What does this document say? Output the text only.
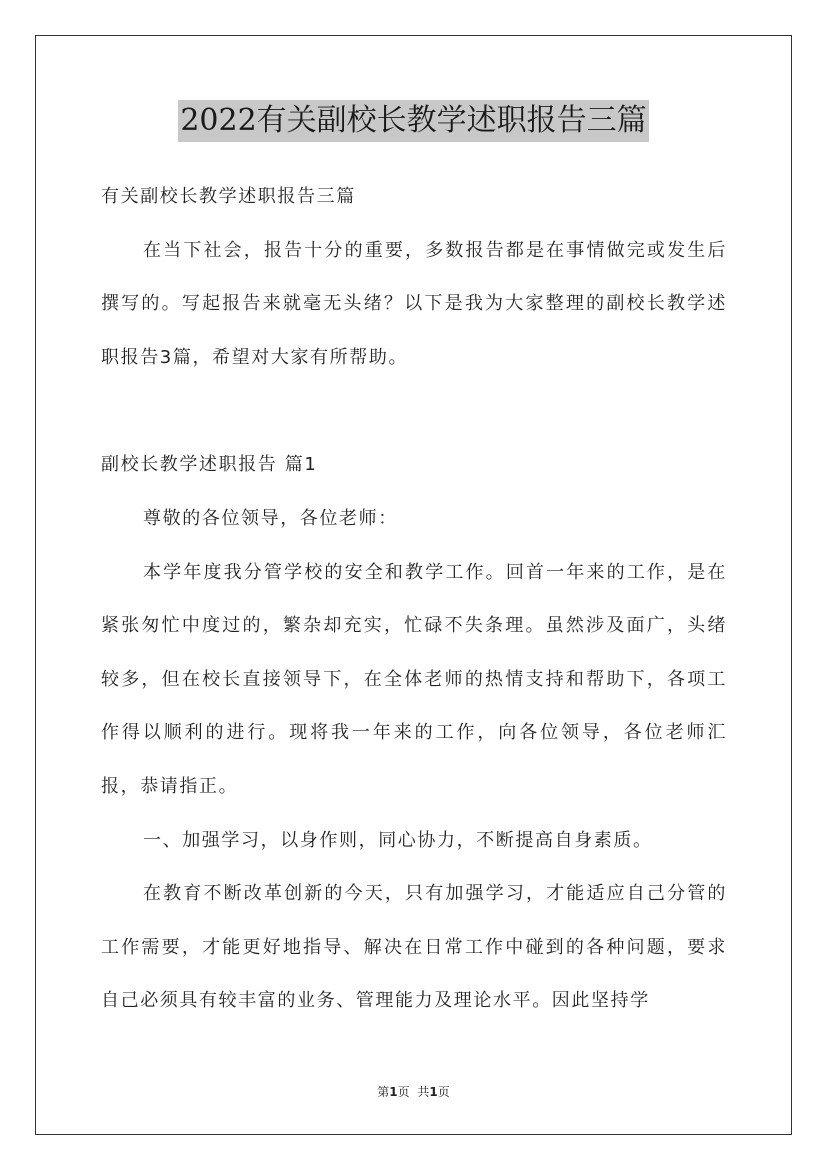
2022有关副校长教学述职报告三篇

有关副校长教学述职报告三篇

在当下社会，报告十分的重要，多数报告都是在事情做完或发生后撰写的。写起报告来就毫无头绪？以下是我为大家整理的副校长教学述职报告3篇，希望对大家有所帮助。

副校长教学述职报告 篇1

尊敬的各位领导，各位老师：

本学年度我分管学校的安全和教学工作。回首一年来的工作，是在紧张匆忙中度过的，繁杂却充实，忙碌不失条理。虽然涉及面广，头绪较多，但在校长直接领导下，在全体老师的热情支持和帮助下，各项工作得以顺利的进行。现将我一年来的工作，向各位领导，各位老师汇报，恭请指正。

一、加强学习，以身作则，同心协力，不断提高自身素质。

在教育不断改革创新的今天，只有加强学习，才能适应自己分管的工作需要，才能更好地指导、解决在日常工作中碰到的各种问题，要求自己必须具有较丰富的业务、管理能力及理论水平。因此坚持学

第1页 共1页
